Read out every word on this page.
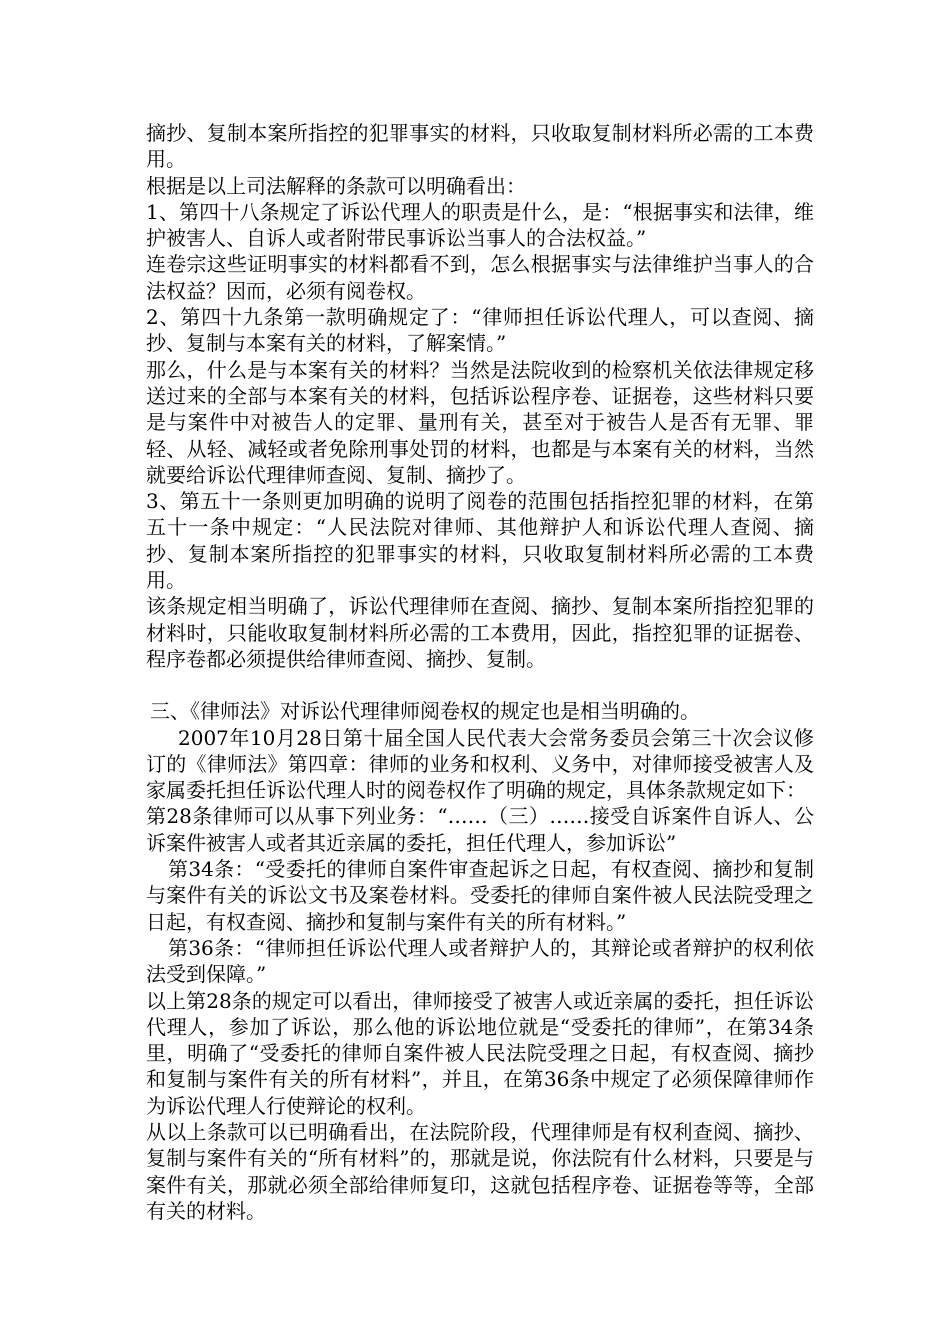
摘抄、复制本案所指控的犯罪事实的材料，只收取复制材料所必需的工本费用。

根据是以上司法解释的条款可以明确看出：

1、第四十八条规定了诉讼代理人的职责是什么，是：“根据事实和法律，维护被害人、自诉人或者附带民事诉讼当事人的合法权益。”

连卷宗这些证明事实的材料都看不到，怎么根据事实与法律维护当事人的合法权益？因而，必须有阅卷权。

2、第四十九条第一款明确规定了：“律师担任诉讼代理人，可以查阅、摘抄、复制与本案有关的材料，了解案情。”

那么，什么是与本案有关的材料？当然是法院收到的检察机关依法律规定移送过来的全部与本案有关的材料，包括诉讼程序卷、证据卷，这些材料只要是与案件中对被告人的定罪、量刑有关，甚至对于被告人是否有无罪、罪轻、从轻、减轻或者免除刑事处罚的材料，也都是与本案有关的材料，当然就要给诉讼代理律师查阅、复制、摘抄了。

3、第五十一条则更加明确的说明了阅卷的范围包括指控犯罪的材料，在第五十一条中规定：“人民法院对律师、其他辩护人和诉讼代理人查阅、摘抄、复制本案所指控的犯罪事实的材料，只收取复制材料所必需的工本费用。

该条规定相当明确了，诉讼代理律师在查阅、摘抄、复制本案所指控犯罪的材料时，只能收取复制材料所必需的工本费用，因此，指控犯罪的证据卷、程序卷都必须提供给律师查阅、摘抄、复制。

三、《律师法》对诉讼代理律师阅卷权的规定也是相当明确的。

2007年10月28日第十届全国人民代表大会常务委员会第三十次会议修订的《律师法》第四章：律师的业务和权利、义务中，对律师接受被害人及家属委托担任诉讼代理人时的阅卷权作了明确的规定，具体条款规定如下：

第28条律师可以从事下列业务：“……（三）……接受自诉案件自诉人、公诉案件被害人或者其近亲属的委托，担任代理人，参加诉讼”

第34条：“受委托的律师自案件审查起诉之日起，有权查阅、摘抄和复制与案件有关的诉讼文书及案卷材料。受委托的律师自案件被人民法院受理之日起，有权查阅、摘抄和复制与案件有关的所有材料。”

第36条：“律师担任诉讼代理人或者辩护人的，其辩论或者辩护的权利依法受到保障。”

以上第28条的规定可以看出，律师接受了被害人或近亲属的委托，担任诉讼代理人，参加了诉讼，那么他的诉讼地位就是“受委托的律师”，在第34条里，明确了“受委托的律师自案件被人民法院受理之日起，有权查阅、摘抄和复制与案件有关的所有材料”，并且，在第36条中规定了必须保障律师作为诉讼代理人行使辩论的权利。

从以上条款可以已明确看出，在法院阶段，代理律师是有权利查阅、摘抄、复制与案件有关的“所有材料”的，那就是说，你法院有什么材料，只要是与案件有关，那就必须全部给律师复印，这就包括程序卷、证据卷等等，全部有关的材料。
